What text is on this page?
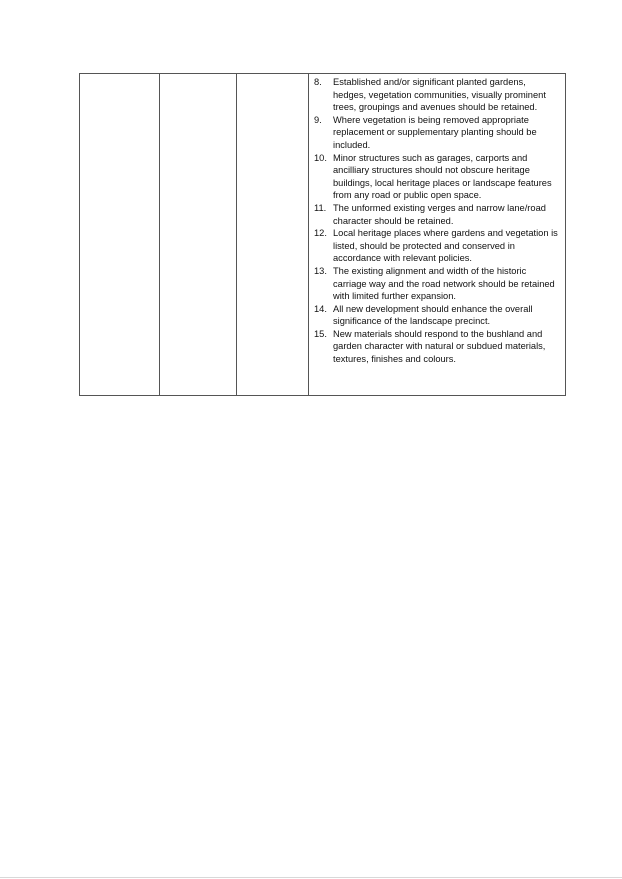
8.	Established and/or significant planted gardens, hedges, vegetation communities, visually prominent trees, groupings and avenues should be retained.
9.	Where vegetation is being removed appropriate replacement or supplementary planting should be included.
10. Minor structures such as garages, carports and ancilliary structures should not obscure heritage buildings, local heritage places or landscape features from any road or public open space.
11. The unformed existing verges and narrow lane/road character should be retained.
12. Local heritage places where gardens and vegetation is listed, should be protected and conserved in accordance with relevant policies.
13. The existing alignment and width of the historic carriage way and the road network should be retained with limited further expansion.
14. All new development should enhance the overall significance of the landscape precinct.
15. New materials should respond to the bushland and garden character with natural or subdued materials, textures, finishes and colours.
